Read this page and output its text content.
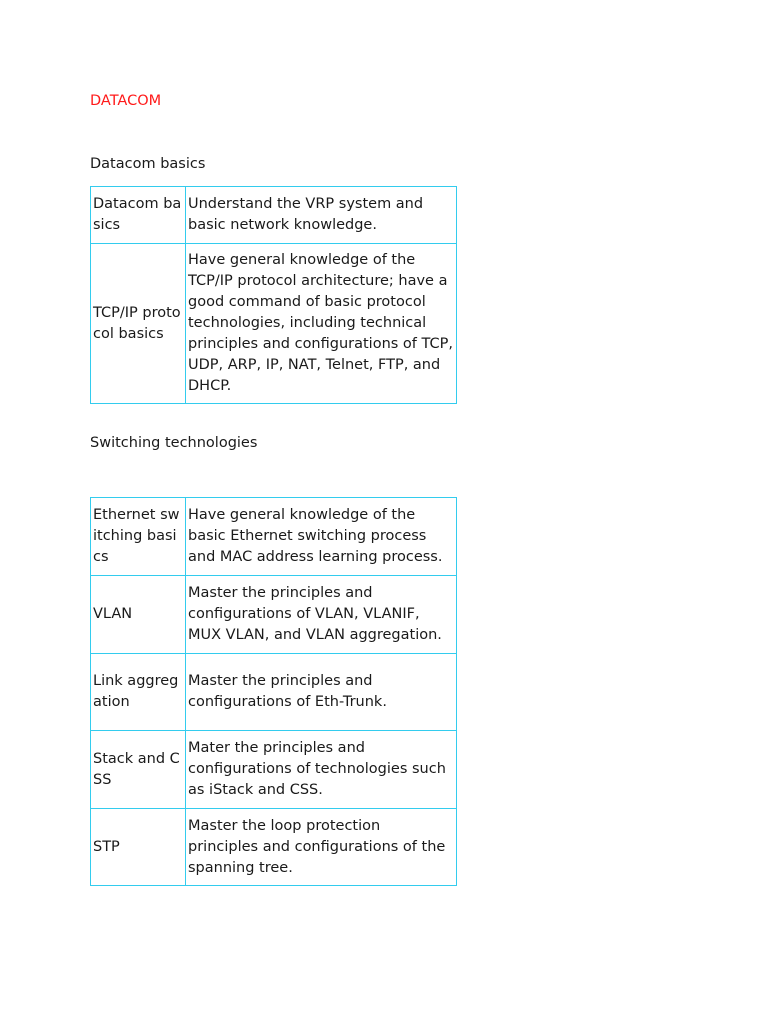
DATACOM
Datacom basics
Datacom basics	Understand the VRP system and basic network knowledge.
TCP/IP protocol basics	Have general knowledge of the TCP/IP protocol architecture; have a good command of basic protocol technologies, including technical principles and configurations of TCP, UDP, ARP, IP, NAT, Telnet, FTP, and DHCP.
Switching technologies
Ethernet switching basics	Have general knowledge of the basic Ethernet switching process and MAC address learning process.
VLAN	Master the principles and configurations of VLAN, VLANIF, MUX VLAN, and VLAN aggregation.
Link aggregation	Master the principles and configurations of Eth-Trunk.
Stack and CSS	Mater the principles and configurations of technologies such as iStack and CSS.
STP	Master the loop protection principles and configurations of the spanning tree.
